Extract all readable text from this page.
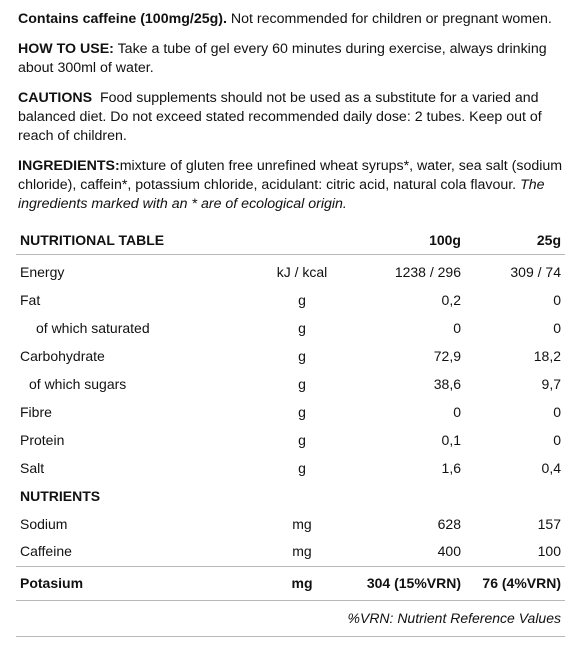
Contains caffeine (100mg/25g). Not recommended for children or pregnant women.

HOW TO USE: Take a tube of gel every 60 minutes during exercise, always drinking about 300ml of water.

CAUTIONS  Food supplements should not be used as a substitute for a varied and balanced diet. Do not exceed stated recommended daily dose: 2 tubes. Keep out of reach of children.

INGREDIENTS:mixture of gluten free unrefined wheat syrups*, water, sea salt (sodium chloride), caffein*, potassium chloride, acidulant: citric acid, natural cola flavour. The ingredients marked with an * are of ecological origin.

NUTRITIONAL TABLE		100g	25g
Energy	kJ / kcal	1238 / 296	309 / 74
Fat	g	0,2	0
of which saturated	g	0	0
Carbohydrate	g	72,9	18,2
of which sugars	g	38,6	9,7
Fibre	g	0	0
Protein	g	0,1	0
Salt	g	1,6	0,4
NUTRIENTS			
Sodium	mg	628	157
Caffeine	mg	400	100
Potasium	mg	304 (15%VRN)	76 (4%VRN)
%VRN: Nutrient Reference Values			
